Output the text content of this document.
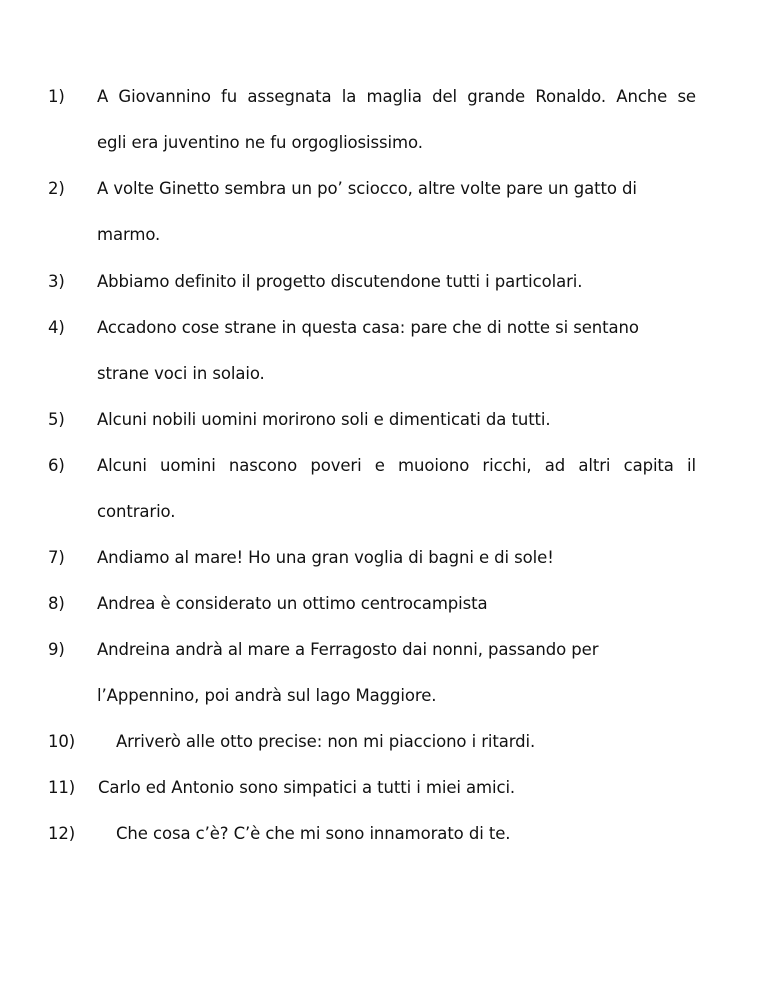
1) A Giovannino fu assegnata la maglia del grande Ronaldo. Anche se
egli era juventino ne fu orgogliosissimo.
2) A volte Ginetto sembra un po’ sciocco, altre volte pare un gatto di
marmo.
3) Abbiamo definito il progetto discutendone tutti i particolari.
4) Accadono cose strane in questa casa: pare che di notte si sentano
strane voci in solaio.
5) Alcuni nobili uomini morirono soli e dimenticati da tutti.
6) Alcuni uomini nascono poveri e muoiono ricchi, ad altri capita il
contrario.
7) Andiamo al mare! Ho una gran voglia di bagni e di sole!
8) Andrea è considerato un ottimo centrocampista
9) Andreina andrà al mare a Ferragosto dai nonni, passando per
l’Appennino, poi andrà sul lago Maggiore.
10) Arriverò alle otto precise: non mi piacciono i ritardi.
11) Carlo ed Antonio sono simpatici a tutti i miei amici.
12) Che cosa c’è? C’è che mi sono innamorato di te.
